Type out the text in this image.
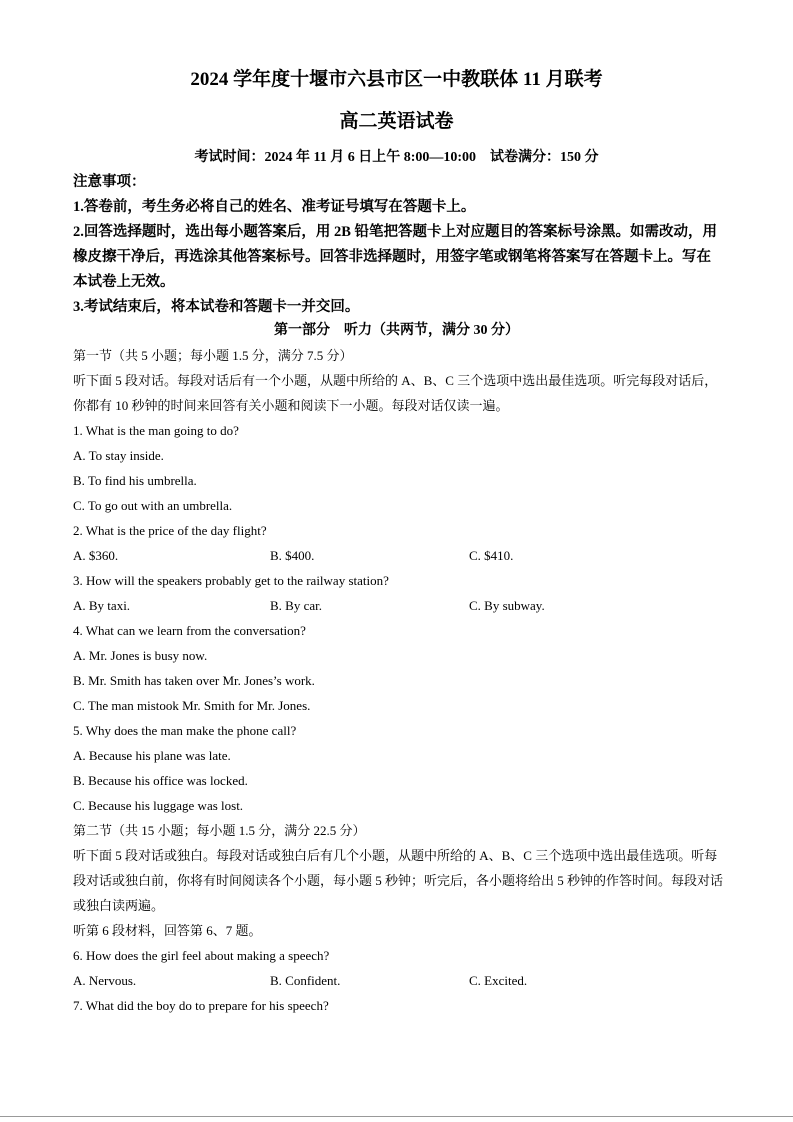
2024 学年度十堰市六县市区一中教联体 11 月联考
高二英语试卷
考试时间：2024 年 11 月 6 日上午 8:00—10:00　试卷满分：150 分

注意事项：

1.答卷前，考生务必将自己的姓名、准考证号填写在答题卡上。

2.回答选择题时，选出每小题答案后，用 2B 铅笔把答题卡上对应题目的答案标号涂黑。如需改动，用橡皮擦干净后，再选涂其他答案标号。回答非选择题时，用签字笔或钢笔将答案写在答题卡上。写在本试卷上无效。

3.考试结束后，将本试卷和答题卡一并交回。

第一部分　听力（共两节，满分 30 分）

第一节（共 5 小题；每小题 1.5 分，满分 7.5 分）

听下面 5 段对话。每段对话后有一个小题，从题中所给的 A、B、C 三个选项中选出最佳选项。听完每段对话后，你都有 10 秒钟的时间来回答有关小题和阅读下一小题。每段对话仅读一遍。

1. What is the man going to do?

A. To stay inside.

B. To find his umbrella.

C. To go out with an umbrella.

2. What is the price of the day flight?

A. $360.	B. $400.	C. $410.

3. How will the speakers probably get to the railway station?

A. By taxi.	B. By car.	C. By subway.

4. What can we learn from the conversation?

A. Mr. Jones is busy now.

B. Mr. Smith has taken over Mr. Jones’s work.

C. The man mistook Mr. Smith for Mr. Jones.

5. Why does the man make the phone call?

A. Because his plane was late.

B. Because his office was locked.

C. Because his luggage was lost.

第二节（共 15 小题；每小题 1.5 分，满分 22.5 分）

听下面 5 段对话或独白。每段对话或独白后有几个小题，从题中所给的 A、B、C 三个选项中选出最佳选项。听每段对话或独白前，你将有时间阅读各个小题，每小题 5 秒钟；听完后，各小题将给出 5 秒钟的作答时间。每段对话或独白读两遍。

听第 6 段材料，回答第 6、7 题。

6. How does the girl feel about making a speech?

A. Nervous.	B. Confident.	C. Excited.

7. What did the boy do to prepare for his speech?
